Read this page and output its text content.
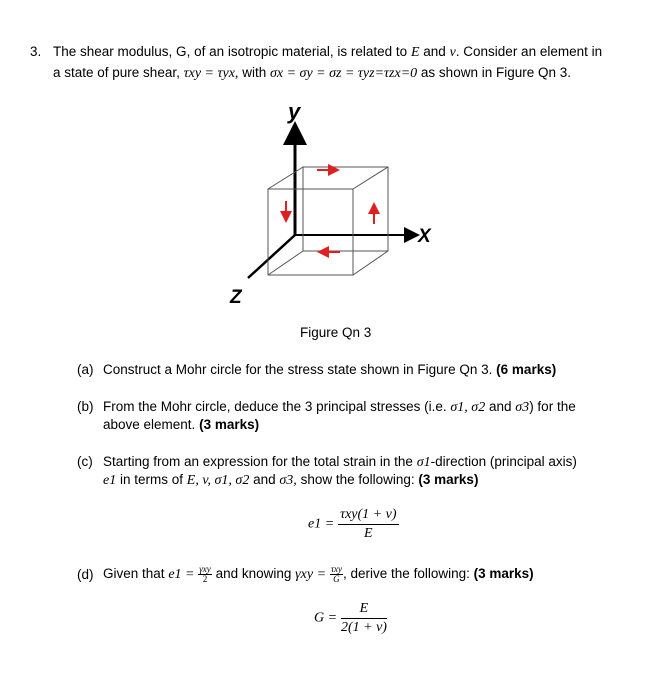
3. The shear modulus, G, of an isotropic material, is related to E and v. Consider an element in
a state of pure shear, τxy = τyx, with σx = σy = σz = τyz=τzx=0 as shown in Figure Qn 3.
y
X
Z
Figure Qn 3
(a) Construct a Mohr circle for the stress state shown in Figure Qn 3. (6 marks)
(b) From the Mohr circle, deduce the 3 principal stresses (i.e. σ1, σ2 and σ3) for the
above element. (3 marks)
(c) Starting from an expression for the total strain in the σ1-direction (principal axis)
e1 in terms of E, v, σ1, σ2 and σ3, show the following: (3 marks)
$e1 = \frac{\text{τxy(1 + v)}}{E}$
(d) Given that $e1 = \frac{\text{γxy}}{2}$ and knowing $\gamma xy = \frac{\text{τxy}}{G}$ , derive the following: (3 marks)
$G = \frac{E}{2(1 + v)}$
